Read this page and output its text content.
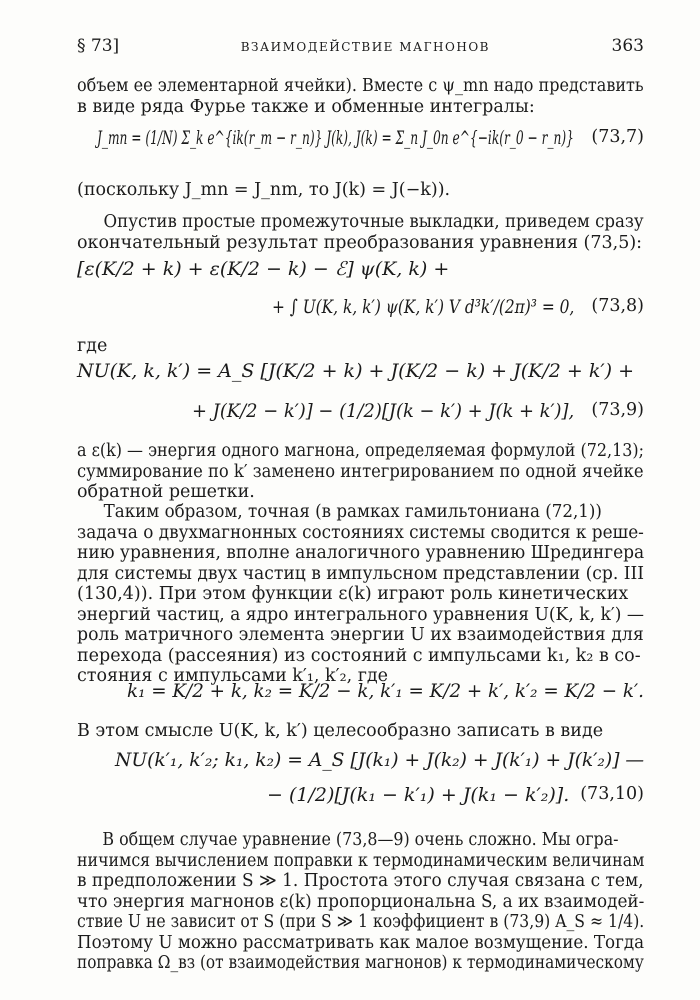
§ 73]	ВЗАИМОДЕЙСТВИЕ МАГНОНОВ	363
объем ее элементарной ячейки). Вместе с ψ_mn надо представить
в виде ряда Фурье также и обменные интегралы:
J_mn = (1/N) Σ_k e^{ik(r_m − r_n)} J(k), J(k) = Σ_n J_0n e^{−ik(r_0 − r_n)} (73,7)
(поскольку J_mn = J_nm, то J(k) = J(−k)).
Опустив простые промежуточные выкладки, приведем сразу
окончательный результат преобразования уравнения (73,5):
[ε(K/2 + k) + ε(K/2 − k) − ℰ] ψ(K, k) +
+ ∫ U(K, k, k′) ψ(K, k′) V d³k′/(2π)³ = 0, (73,8)
где
NU(K, k, k′) = A_S [J(K/2 + k) + J(K/2 − k) + J(K/2 + k′) +
+ J(K/2 − k′)] − (1/2)[J(k − k′) + J(k + k′)], (73,9)
а ε(k) — энергия одного магнона, определяемая формулой (72,13);
суммирование по k′ заменено интегрированием по одной ячейке
обратной решетки.
Таким образом, точная (в рамках гамильтониана (72,1))
задача о двухмагнонных состояниях системы сводится к реше-
нию уравнения, вполне аналогичного уравнению Шредингера
для системы двух частиц в импульсном представлении (ср. III
(130,4)). При этом функции ε(k) играют роль кинетических
энергий частиц, а ядро интегрального уравнения U(K, k, k′) —
роль матричного элемента энергии U их взаимодействия для
перехода (рассеяния) из состояний с импульсами k₁, k₂ в со-
стояния с импульсами k′₁, k′₂, где
k₁ = K/2 + k, k₂ = K/2 − k, k′₁ = K/2 + k′, k′₂ = K/2 − k′.
В этом смысле U(K, k, k′) целесообразно записать в виде
NU(k′₁, k′₂; k₁, k₂) = A_S [J(k₁) + J(k₂) + J(k′₁) + J(k′₂)] —
− (1/2)[J(k₁ − k′₁) + J(k₁ − k′₂)]. (73,10)
В общем случае уравнение (73,8—9) очень сложно. Мы огра-
ничимся вычислением поправки к термодинамическим величинам
в предположении S ≫ 1. Простота этого случая связана с тем,
что энергия магнонов ε(k) пропорциональна S, а их взаимодей-
ствие U не зависит от S (при S ≫ 1 коэффициент в (73,9) A_S ≈ 1/4).
Поэтому U можно рассматривать как малое возмущение. Тогда
поправка Ω_вз (от взаимодействия магнонов) к термодинамическому
